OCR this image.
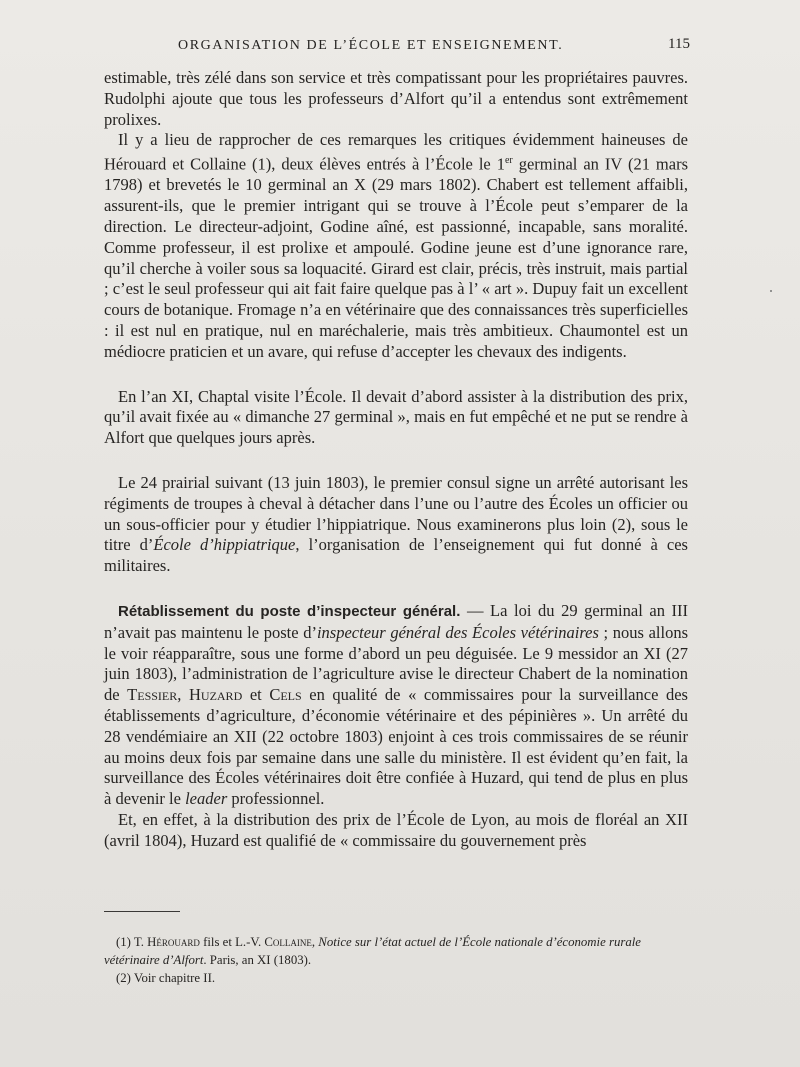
ORGANISATION DE L’ÉCOLE ET ENSEIGNEMENT.	115

estimable, très zélé dans son service et très compatissant pour les propriétaires pauvres. Rudolphi ajoute que tous les professeurs d’Alfort qu’il a entendus sont extrêmement prolixes.

Il y a lieu de rapprocher de ces remarques les critiques évidemment haineuses de Hérouard et Collaine (1), deux élèves entrés à l’École le 1er germinal an IV (21 mars 1798) et brevetés le 10 germinal an X (29 mars 1802). Chabert est tellement affaibli, assurent-ils, que le premier intrigant qui se trouve à l’École peut s’emparer de la direction. Le directeur-adjoint, Godine aîné, est passionné, incapable, sans moralité. Comme professeur, il est prolixe et ampoulé. Godine jeune est d’une ignorance rare, qu’il cherche à voiler sous sa loquacité. Girard est clair, précis, très instruit, mais partial ; c’est le seul professeur qui ait fait faire quelque pas à l’ « art ». Dupuy fait un excellent cours de botanique. Fromage n’a en vétérinaire que des connaissances très superficielles : il est nul en pratique, nul en maréchalerie, mais très ambitieux. Chaumontel est un médiocre praticien et un avare, qui refuse d’accepter les chevaux des indigents.

En l’an XI, Chaptal visite l’École. Il devait d’abord assister à la distribution des prix, qu’il avait fixée au « dimanche 27 germinal », mais en fut empêché et ne put se rendre à Alfort que quelques jours après.

Le 24 prairial suivant (13 juin 1803), le premier consul signe un arrêté autorisant les régiments de troupes à cheval à détacher dans l’une ou l’autre des Écoles un officier ou un sous-officier pour y étudier l’hippiatrique. Nous examinerons plus loin (2), sous le titre d’École d’hippiatrique, l’organisation de l’enseignement qui fut donné à ces militaires.

Rétablissement du poste d’inspecteur général. — La loi du 29 germinal an III n’avait pas maintenu le poste d’inspecteur général des Écoles vétérinaires ; nous allons le voir réapparaître, sous une forme d’abord un peu déguisée. Le 9 messidor an XI (27 juin 1803), l’administration de l’agriculture avise le directeur Chabert de la nomination de Tessier, Huzard et Cels en qualité de « commissaires pour la surveillance des établissements d’agriculture, d’économie vétérinaire et des pépinières ». Un arrêté du 28 vendémiaire an XII (22 octobre 1803) enjoint à ces trois commissaires de se réunir au moins deux fois par semaine dans une salle du ministère. Il est évident qu’en fait, la surveillance des Écoles vétérinaires doit être confiée à Huzard, qui tend de plus en plus à devenir le leader professionnel.

Et, en effet, à la distribution des prix de l’École de Lyon, au mois de floréal an XII (avril 1804), Huzard est qualifié de « commissaire du gouvernement près

(1) T. Hérouard fils et L.-V. Collaine, Notice sur l’état actuel de l’École nationale d’économie rurale vétérinaire d’Alfort. Paris, an XI (1803).

(2) Voir chapitre II.
